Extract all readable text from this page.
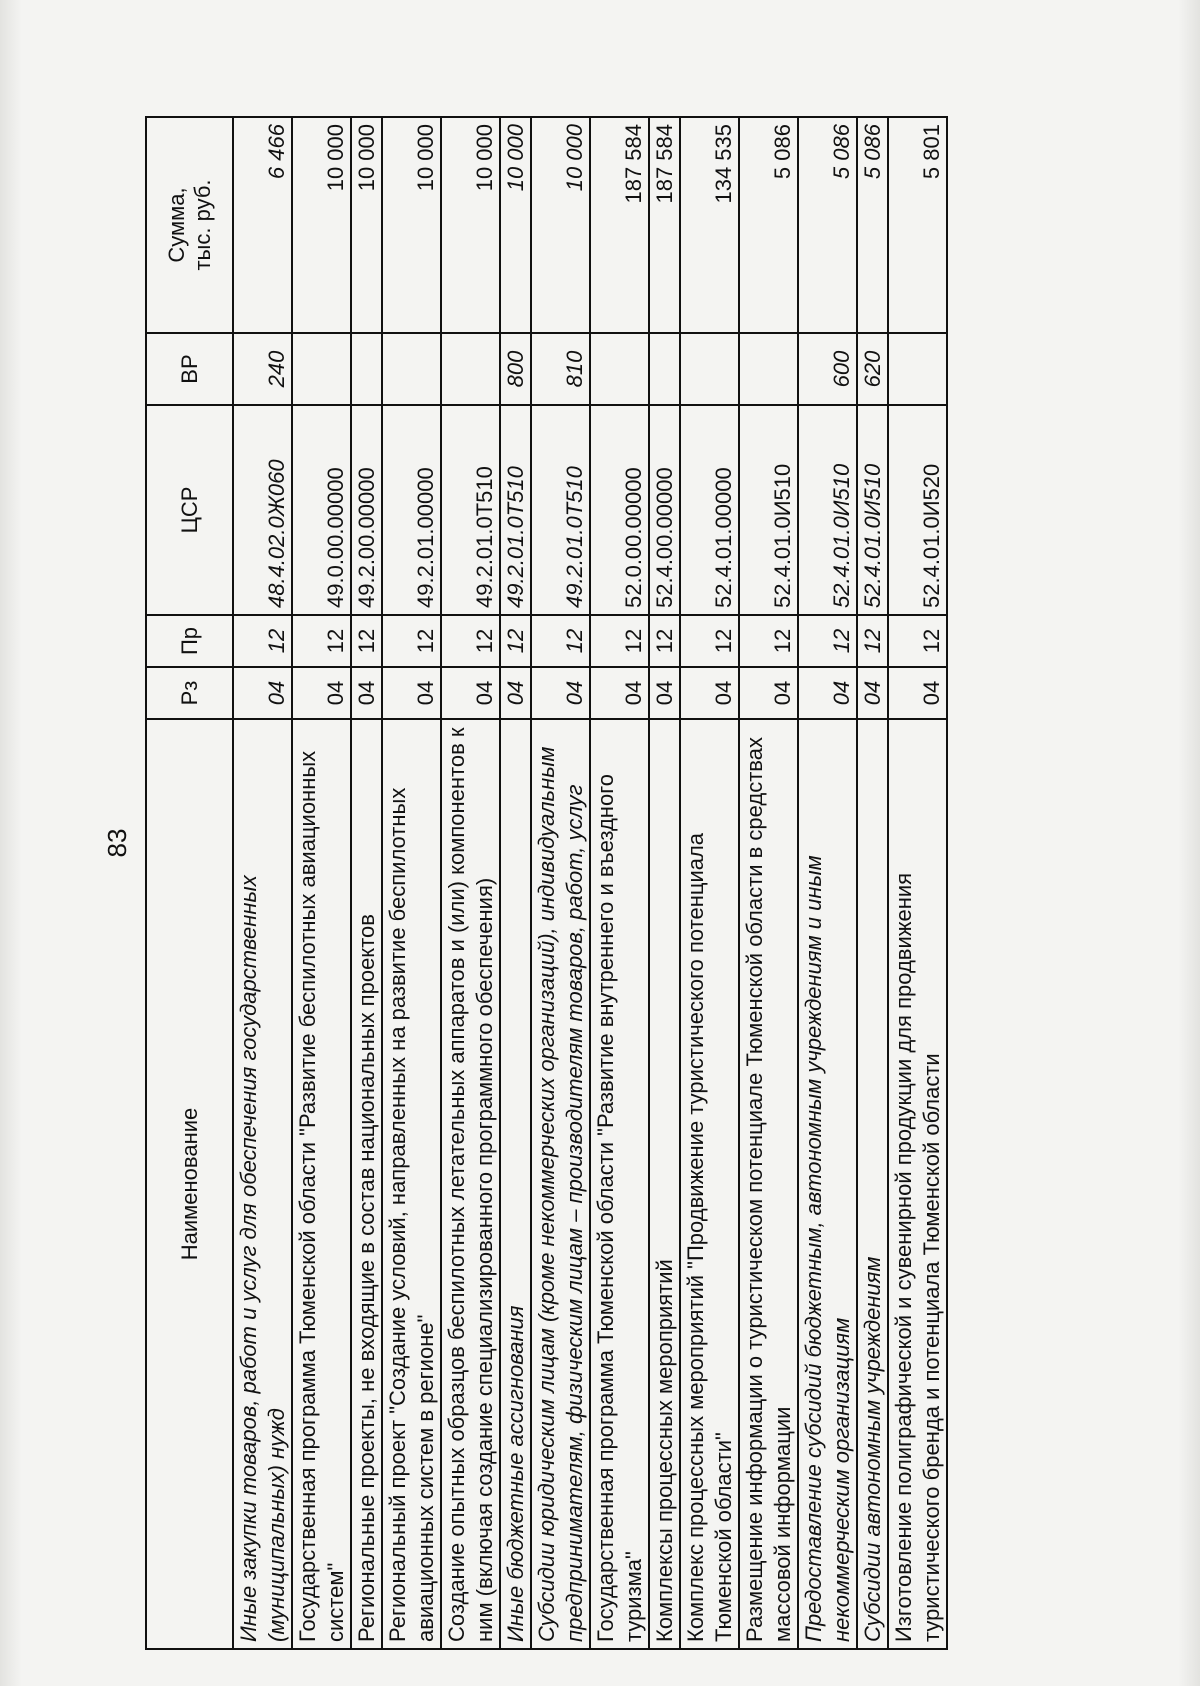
83
Наименование	Рз	Пр	ЦСР	ВР	Сумма, тыс. руб.

Иные закупки товаров, работ и услуг для обеспечения государственных (муниципальных) нужд	04	12	48.4.02.0Ж060	240	6 466
Государственная программа Тюменской области "Развитие беспилотных авиационных систем"	04	12	49.0.00.00000		10 000
Региональные проекты, не входящие в состав национальных проектов	04	12	49.2.00.00000		10 000
Региональный проект "Создание условий, направленных на развитие беспилотных авиационных систем в регионе"	04	12	49.2.01.00000		10 000
Создание опытных образцов беспилотных летательных аппаратов и (или) компонентов к ним (включая создание специализированного программного обеспечения)	04	12	49.2.01.0Т510		10 000
Иные бюджетные ассигнования	04	12	49.2.01.0Т510	800	10 000
Субсидии юридическим лицам (кроме некоммерческих организаций), индивидуальным предпринимателям, физическим лицам – производителям товаров, работ, услуг	04	12	49.2.01.0Т510	810	10 000
Государственная программа Тюменской области "Развитие внутреннего и въездного туризма"	04	12	52.0.00.00000		187 584
Комплексы процессных мероприятий	04	12	52.4.00.00000		187 584
Комплекс процессных мероприятий "Продвижение туристического потенциала Тюменской области"	04	12	52.4.01.00000		134 535
Размещение информации о туристическом потенциале Тюменской области в средствах массовой информации	04	12	52.4.01.0И510		5 086
Предоставление субсидий бюджетным, автономным учреждениям и иным некоммерческим организациям	04	12	52.4.01.0И510	600	5 086
Субсидии автономным учреждениям	04	12	52.4.01.0И510	620	5 086
Изготовление полиграфической и сувенирной продукции для продвижения туристического бренда и потенциала Тюменской области	04	12	52.4.01.0И520		5 801
